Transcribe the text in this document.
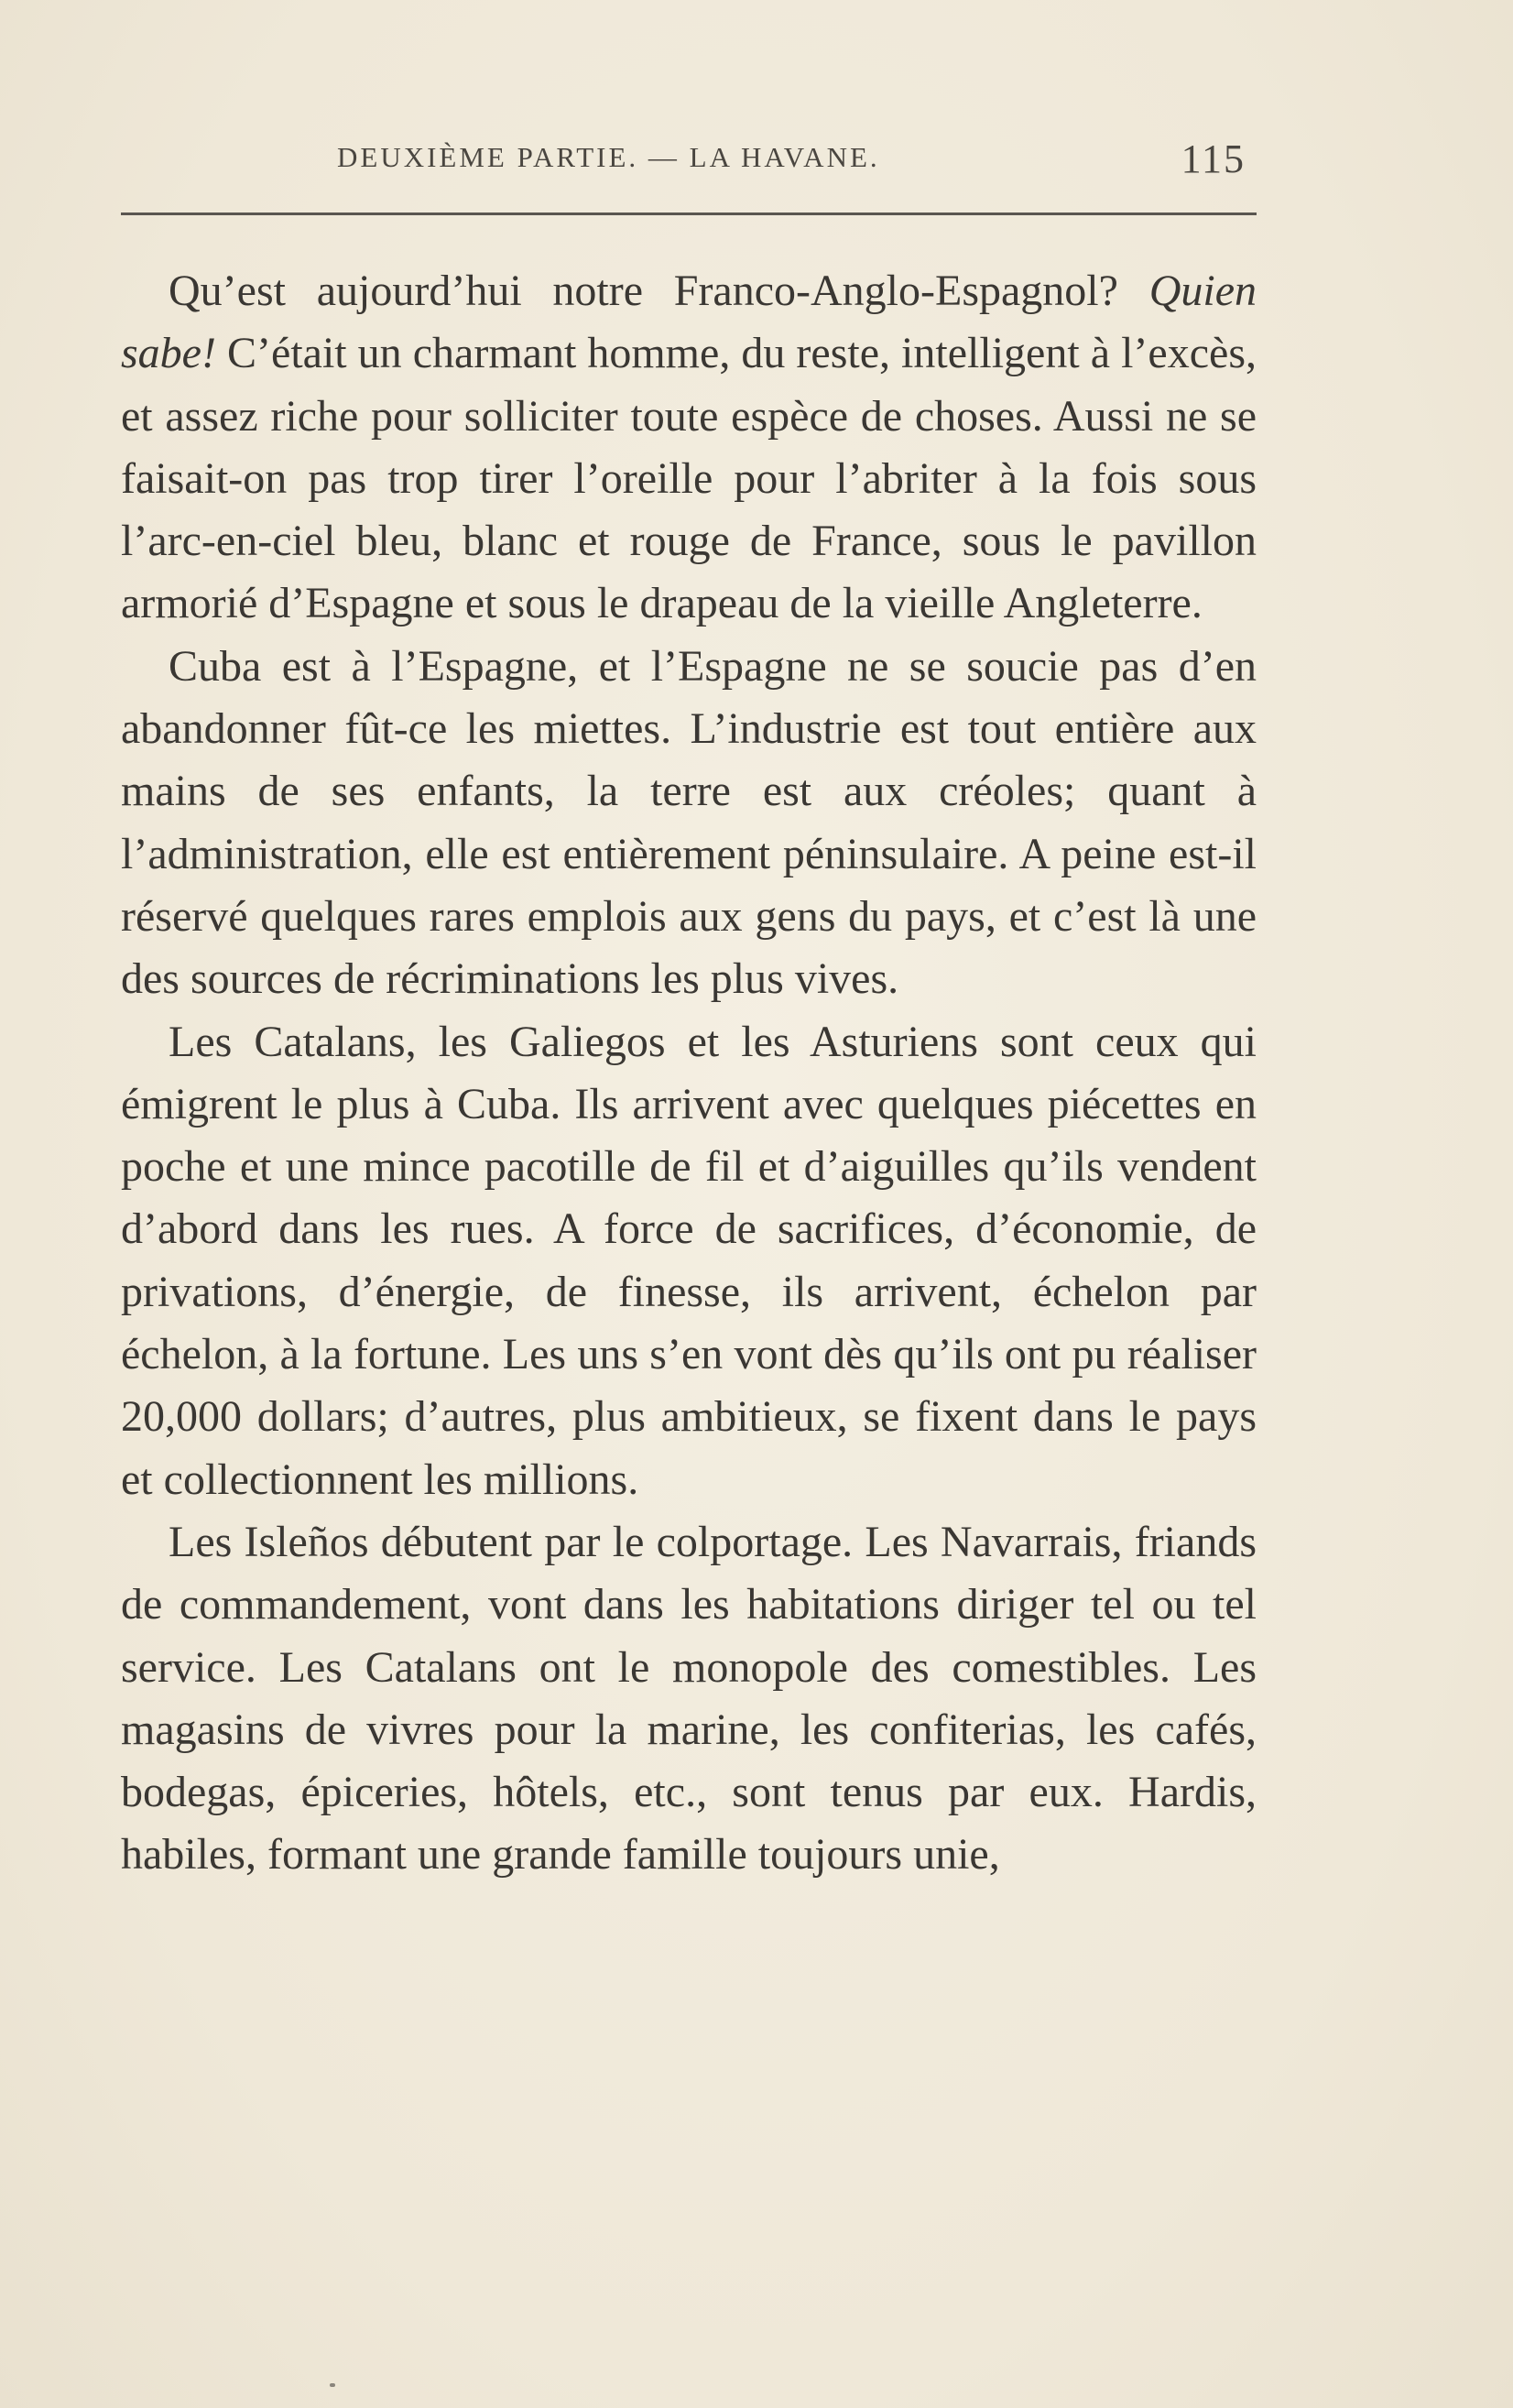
DEUXIÈME PARTIE. — LA HAVANE.	115

Qu’est aujourd’hui notre Franco-Anglo-Espagnol? Quien sabe! C’était un charmant homme, du reste, intelligent à l’excès, et assez riche pour solliciter toute espèce de choses. Aussi ne se faisait-on pas trop tirer l’oreille pour l’abriter à la fois sous l’arc-en-ciel bleu, blanc et rouge de France, sous le pavillon armorié d’Espagne et sous le drapeau de la vieille Angleterre.

Cuba est à l’Espagne, et l’Espagne ne se soucie pas d’en abandonner fût-ce les miettes. L’industrie est tout entière aux mains de ses enfants, la terre est aux créoles; quant à l’administration, elle est entièrement péninsulaire. A peine est-il réservé quelques rares emplois aux gens du pays, et c’est là une des sources de récriminations les plus vives.

Les Catalans, les Galiegos et les Asturiens sont ceux qui émigrent le plus à Cuba. Ils arrivent avec quelques piécettes en poche et une mince pacotille de fil et d’aiguilles qu’ils vendent d’abord dans les rues. A force de sacrifices, d’économie, de privations, d’énergie, de finesse, ils arrivent, échelon par échelon, à la fortune. Les uns s’en vont dès qu’ils ont pu réaliser 20,000 dollars; d’autres, plus ambitieux, se fixent dans le pays et collectionnent les millions.

Les Isleños débutent par le colportage. Les Navarrais, friands de commandement, vont dans les habitations diriger tel ou tel service. Les Catalans ont le monopole des comestibles. Les magasins de vivres pour la marine, les confiterias, les cafés, bodegas, épiceries, hôtels, etc., sont tenus par eux. Hardis, habiles, formant une grande famille toujours unie,
